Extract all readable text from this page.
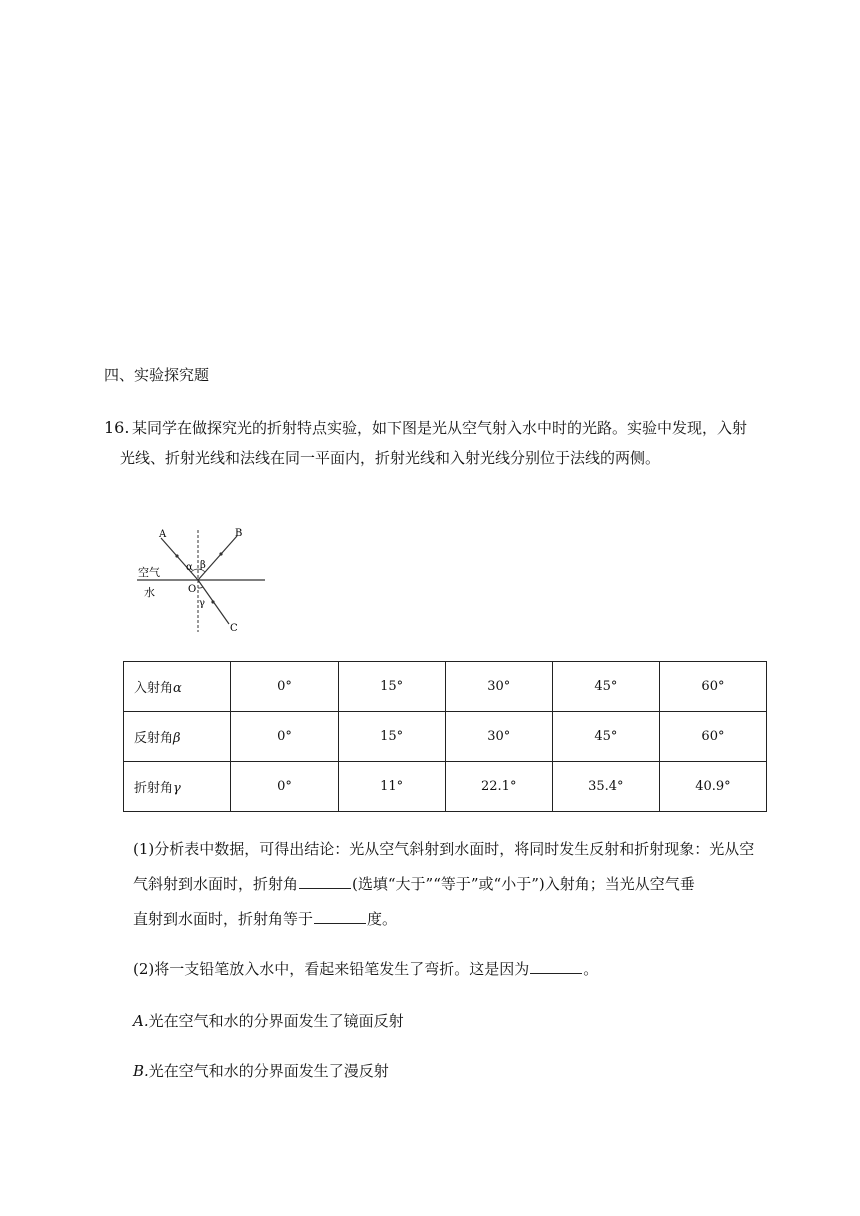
四、实验探究题
16. 某同学在做探究光的折射特点实验，如下图是光从空气射入水中时的光路。实验中发现，入射
光线、折射光线和法线在同一平面内，折射光线和入射光线分别位于法线的两侧。
A	B
C
O
α β
γ
空气
水
入射角α	0°	15°	30°	45°	60°
反射角β	0°	15°	30°	45°	60°
折射角γ	0°	11°	22.1°	35.4°	40.9°
(1)分析表中数据，可得出结论：光从空气斜射到水面时，将同时发生反射和折射现象：光从空
气斜射到水面时，折射角	(选填“大于”“等于”或“小于”)入射角；当光从空气垂
直射到水面时，折射角等于	度。
(2)将一支铅笔放入水中，看起来铅笔发生了弯折。这是因为	。
A.光在空气和水的分界面发生了镜面反射
B.光在空气和水的分界面发生了漫反射
